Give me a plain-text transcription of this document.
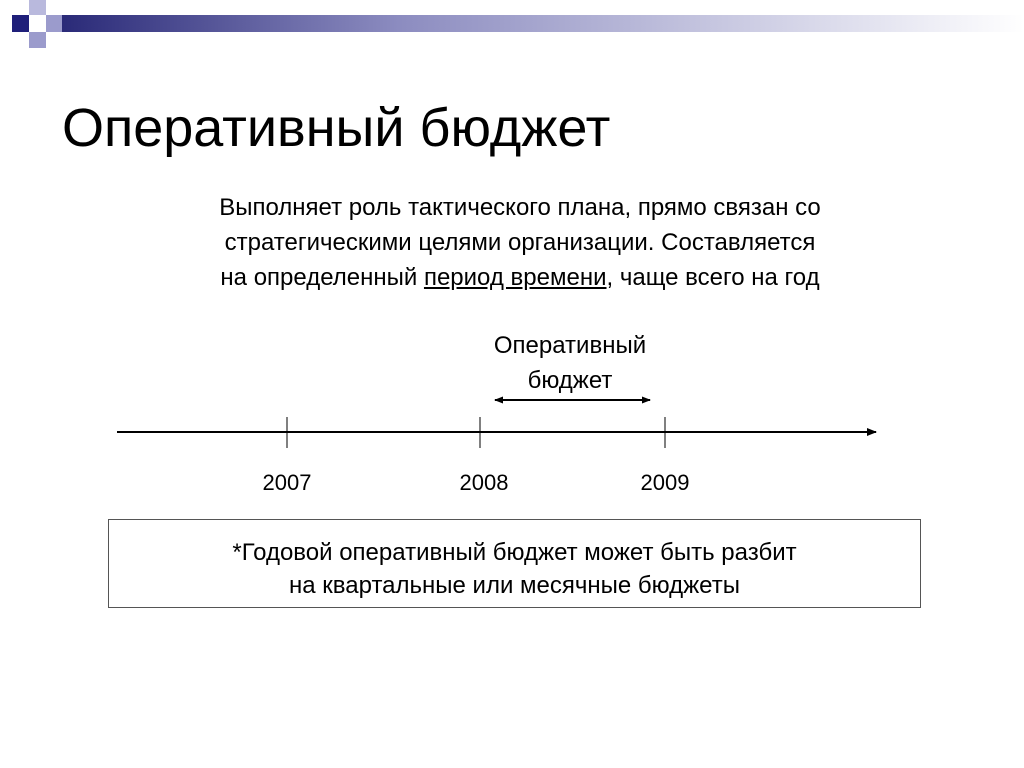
Оперативный бюджет
Выполняет роль тактического плана, прямо связан со
стратегическими целями организации. Составляется
на определенный период времени, чаще всего на год
Оперативный
бюджет
2007	2008	2009
*Годовой оперативный бюджет может быть разбит
на квартальные или месячные бюджеты
